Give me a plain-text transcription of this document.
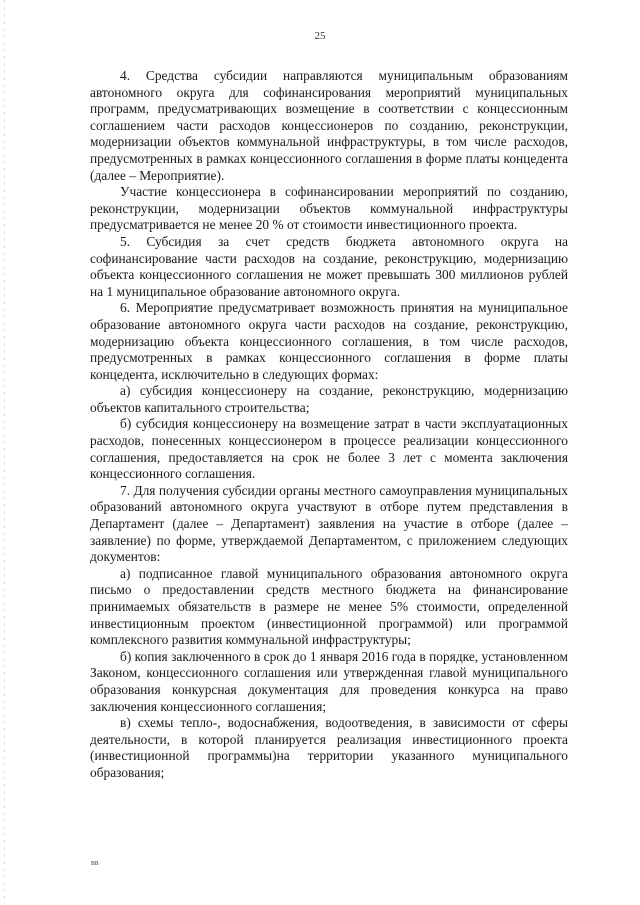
25

4. Средства субсидии направляются муниципальным образованиям автономного округа для софинансирования мероприятий муниципальных программ, предусматривающих возмещение в соответствии с концессионным соглашением части расходов концессионеров по созданию, реконструкции, модернизации объектов коммунальной инфраструктуры, в том числе расходов, предусмотренных в рамках концессионного соглашения в форме платы концедента (далее – Мероприятие).

Участие концессионера в софинансировании мероприятий по созданию, реконструкции, модернизации объектов коммунальной инфраструктуры предусматривается не менее 20 % от стоимости инвестиционного проекта.

5. Субсидия за счет средств бюджета автономного округа на софинансирование части расходов на создание, реконструкцию, модернизацию объекта концессионного соглашения не может превышать 300 миллионов рублей на 1 муниципальное образование автономного округа.

6. Мероприятие предусматривает возможность принятия на муниципальное образование автономного округа части расходов на создание, реконструкцию, модернизацию объекта концессионного соглашения, в том числе расходов, предусмотренных в рамках концессионного соглашения в форме платы концедента, исключительно в следующих формах:

а) субсидия концессионеру на создание, реконструкцию, модернизацию объектов капитального строительства;

б) субсидия концессионеру на возмещение затрат в части эксплуатационных расходов, понесенных концессионером в процессе реализации концессионного соглашения, предоставляется на срок не более 3 лет с момента заключения концессионного соглашения.

7. Для получения субсидии органы местного самоуправления муниципальных образований автономного округа участвуют в отборе путем представления в Департамент (далее – Департамент) заявления на участие в отборе (далее – заявление) по форме, утверждаемой Департаментом, с приложением следующих документов:

а) подписанное главой муниципального образования автономного округа письмо о предоставлении средств местного бюджета на финансирование принимаемых обязательств в размере не менее 5% стоимости, определенной инвестиционным проектом (инвестиционной программой) или программой комплексного развития коммунальной инфраструктуры;

б) копия заключенного в срок до 1 января 2016 года в порядке, установленном Законом, концессионного соглашения или утвержденная главой муниципального образования конкурсная документация для проведения конкурса на право заключения концессионного соглашения;

в) схемы тепло-, водоснабжения, водоотведения, в зависимости от сферы деятельности, в которой планируется реализация инвестиционного проекта (инвестиционной программы)на территории указанного муниципального образования;

вв
